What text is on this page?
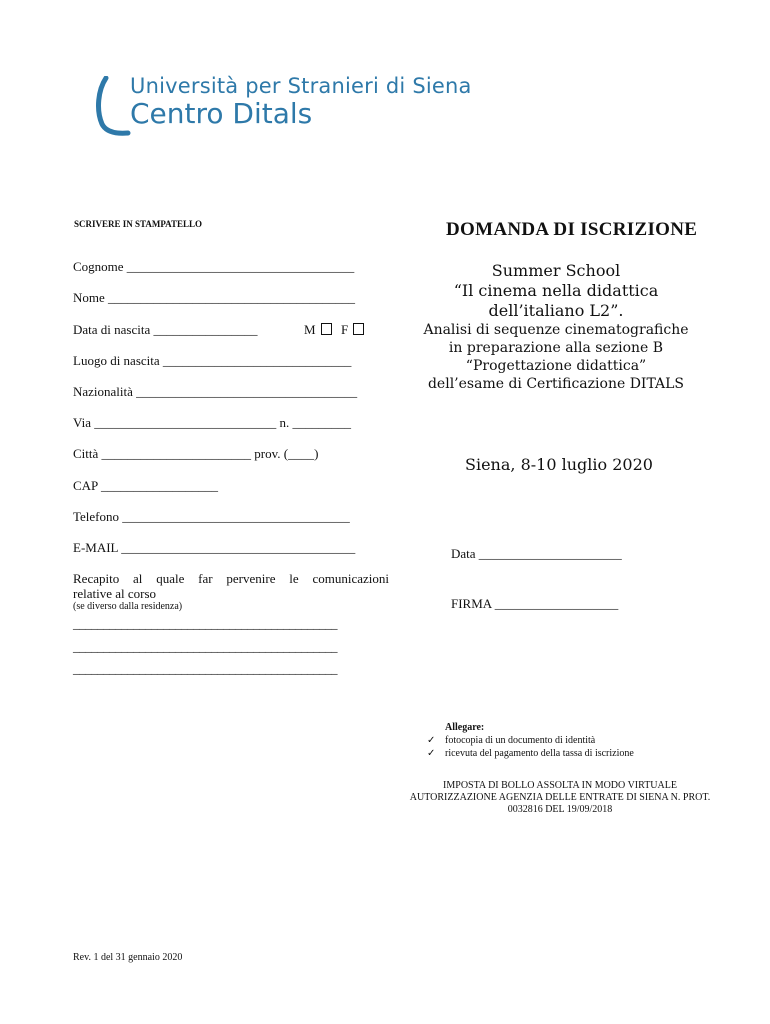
Università per Stranieri di Siena
Centro Ditals
SCRIVERE IN STAMPATELLO	DOMANDA DI ISCRIZIONE
Summer School
“Il cinema nella didattica
dell’italiano L2”.
Analisi di sequenze cinematografiche
in preparazione alla sezione B
“Progettazione didattica”
dell’esame di Certificazione DITALS
Siena, 8-10 luglio 2020
Cognome ___________________________________
Nome ______________________________________
Data di nascita ________________	M	F
Luogo di nascita _____________________________
Nazionalità __________________________________
Via ____________________________ n. _________
Città _______________________ prov. (____)
CAP __________________
Telefono ___________________________________
E-MAIL ____________________________________
Recapito al quale far pervenire le comunicazioni
relative al corso
(se diverso dalla residenza)
____________________________________________
____________________________________________
____________________________________________
Data ______________________
FIRMA ___________________
Allegare:
✓ fotocopia di un documento di identità
✓ ricevuta del pagamento della tassa di iscrizione
IMPOSTA DI BOLLO ASSOLTA IN MODO VIRTUALE
AUTORIZZAZIONE AGENZIA DELLE ENTRATE DI SIENA N. PROT.
0032816 DEL 19/09/2018
Rev. 1 del 31 gennaio 2020
